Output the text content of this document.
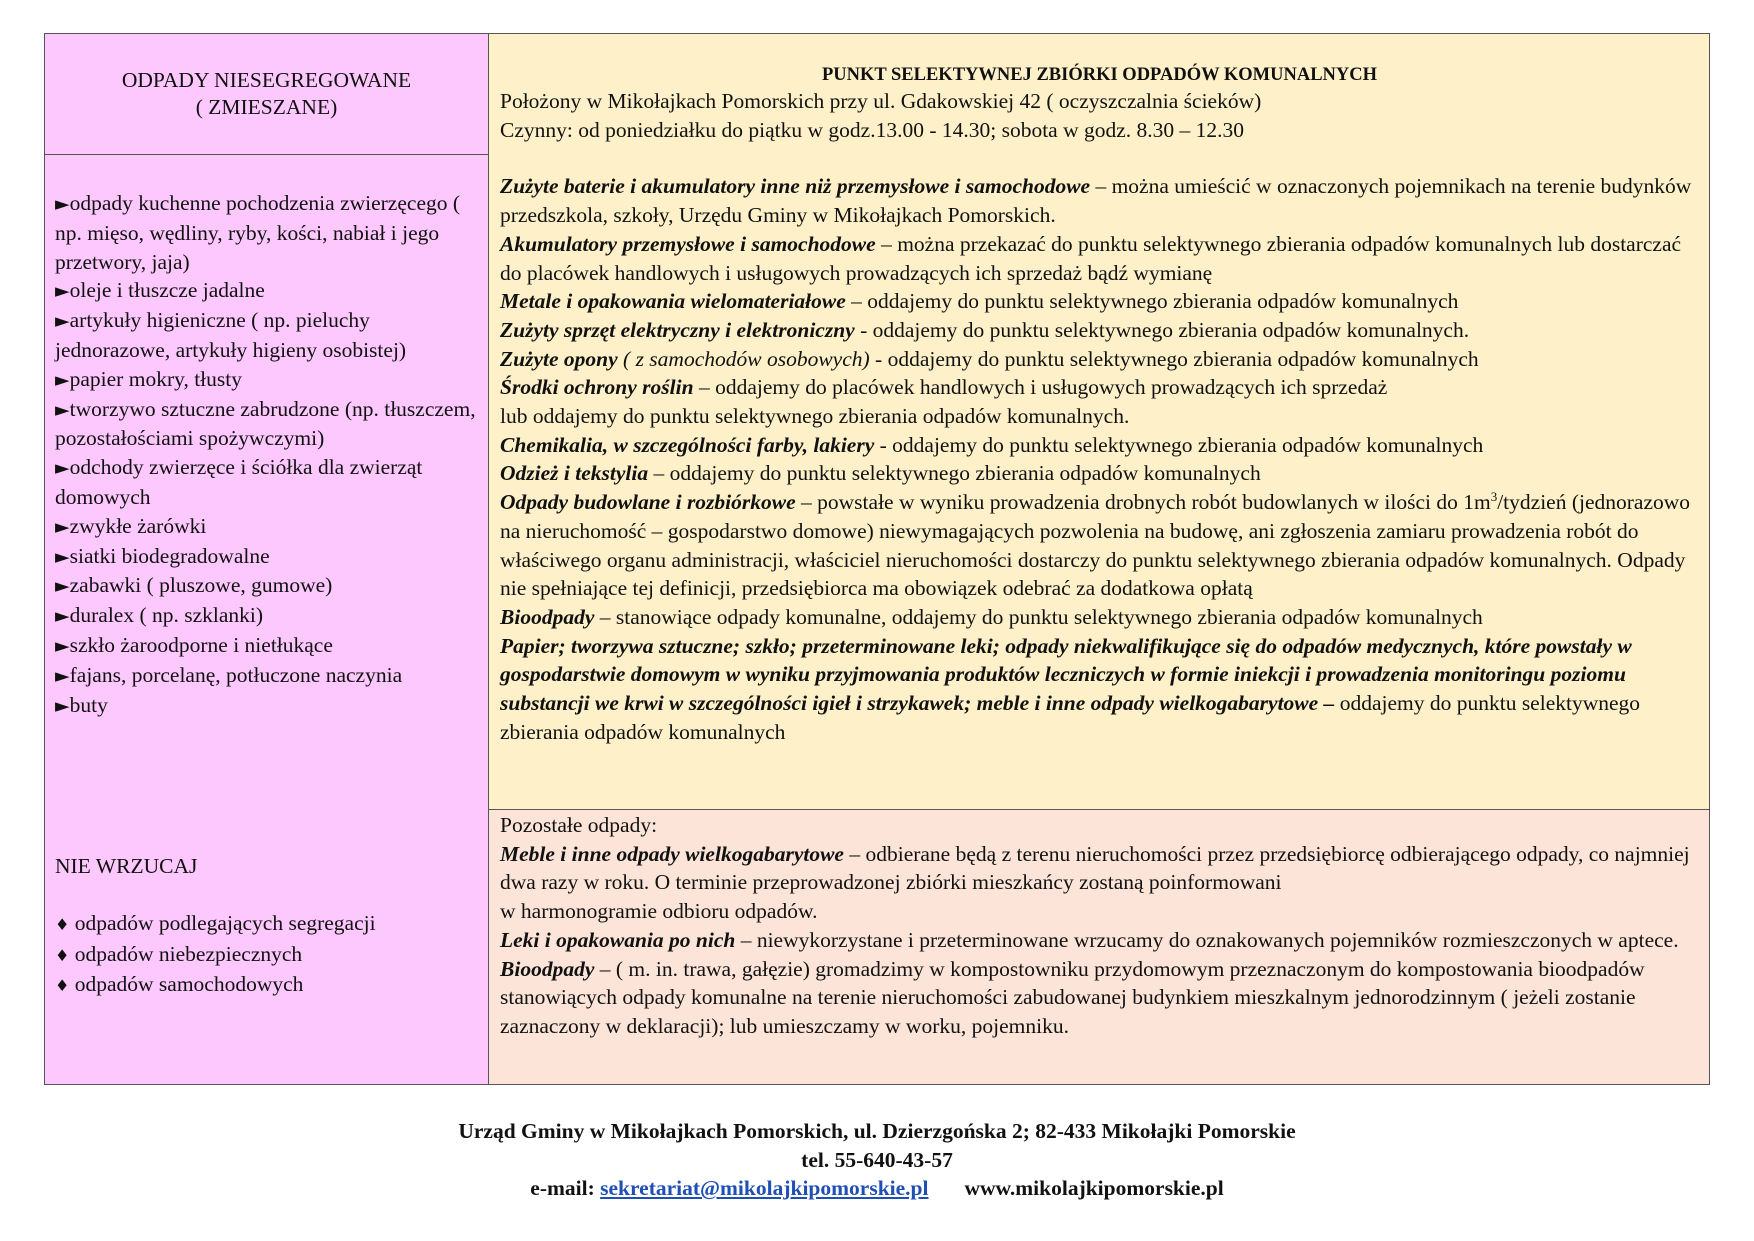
ODPADY NIESEGREGOWANE
( ZMIESZANE)
►odpady kuchenne pochodzenia zwierzęcego ( np. mięso, wędliny, ryby, kości, nabiał i jego przetwory, jaja)
►oleje i tłuszcze jadalne
►artykuły higieniczne ( np. pieluchy jednorazowe, artykuły higieny osobistej)
►papier mokry, tłusty
►tworzywo sztuczne zabrudzone (np. tłuszczem, pozostałościami spożywczymi)
►odchody zwierzęce i ściółka dla zwierząt domowych
►zwykłe żarówki
►siatki biodegradowalne
►zabawki ( pluszowe, gumowe)
►duralex ( np. szklanki)
►szkło żaroodporne i nietłukące
►fajans, porcelanę, potłuczone naczynia
►buty
NIE WRZUCAJ
♦ odpadów podlegających segregacji
♦ odpadów niebezpiecznych
♦ odpadów samochodowych
PUNKT SELEKTYWNEJ ZBIÓRKI ODPADÓW KOMUNALNYCH
Położony w Mikołajkach Pomorskich przy ul. Gdakowskiej 42 ( oczyszczalnia ścieków)
Czynny: od poniedziałku do piątku w godz.13.00 - 14.30; sobota w godz. 8.30 – 12.30
Zużyte baterie i akumulatory inne niż przemysłowe i samochodowe – można umieścić w oznaczonych pojemnikach na terenie budynków przedszkola, szkoły, Urzędu Gminy w Mikołajkach Pomorskich.
Akumulatory przemysłowe i samochodowe – można przekazać do punktu selektywnego zbierania odpadów komunalnych lub dostarczać do placówek handlowych i usługowych prowadzących ich sprzedaż bądź wymianę
Metale i opakowania wielomateriałowe – oddajemy do punktu selektywnego zbierania odpadów komunalnych
Zużyty sprzęt elektryczny i elektroniczny - oddajemy do punktu selektywnego zbierania odpadów komunalnych.
Zużyte opony ( z samochodów osobowych) - oddajemy do punktu selektywnego zbierania odpadów komunalnych
Środki ochrony roślin – oddajemy do placówek handlowych i usługowych prowadzących ich sprzedaż
lub oddajemy do punktu selektywnego zbierania odpadów komunalnych.
Chemikalia, w szczególności farby, lakiery - oddajemy do punktu selektywnego zbierania odpadów komunalnych
Odzież i tekstylia – oddajemy do punktu selektywnego zbierania odpadów komunalnych
Odpady budowlane i rozbiórkowe – powstałe w wyniku prowadzenia drobnych robót budowlanych w ilości do $1m^3$/tydzień (jednorazowo na nieruchomość – gospodarstwo domowe) niewymagających pozwolenia na budowę, ani zgłoszenia zamiaru prowadzenia robót do właściwego organu administracji, właściciel nieruchomości dostarczy do punktu selektywnego zbierania odpadów komunalnych. Odpady nie spełniające tej definicji, przedsiębiorca ma obowiązek odebrać za dodatkowa opłatą
Bioodpady – stanowiące odpady komunalne, oddajemy do punktu selektywnego zbierania odpadów komunalnych
Papier; tworzywa sztuczne; szkło; przeterminowane leki; odpady niekwalifikujące się do odpadów medycznych, które powstały w gospodarstwie domowym w wyniku przyjmowania produktów leczniczych w formie iniekcji i prowadzenia monitoringu poziomu substancji we krwi w szczególności igieł i strzykawek; meble i inne odpady wielkogabarytowe – oddajemy do punktu selektywnego zbierania odpadów komunalnych
Pozostałe odpady:
Meble i inne odpady wielkogabarytowe – odbierane będą z terenu nieruchomości przez przedsiębiorcę odbierającego odpady, co najmniej dwa razy w roku. O terminie przeprowadzonej zbiórki mieszkańcy zostaną poinformowani
w harmonogramie odbioru odpadów.
Leki i opakowania po nich – niewykorzystane i przeterminowane wrzucamy do oznakowanych pojemników rozmieszczonych w aptece.
Bioodpady – ( m. in. trawa, gałęzie) gromadzimy w kompostowniku przydomowym przeznaczonym do kompostowania bioodpadów stanowiących odpady komunalne na terenie nieruchomości zabudowanej budynkiem mieszkalnym jednorodzinnym ( jeżeli zostanie zaznaczony w deklaracji); lub umieszczamy w worku, pojemniku.
Urząd Gminy w Mikołajkach Pomorskich, ul. Dzierzgońska 2; 82-433 Mikołajki Pomorskie
tel. 55-640-43-57
e-mail: sekretariat@mikolajkipomorskie.pl www.mikolajkipomorskie.pl
